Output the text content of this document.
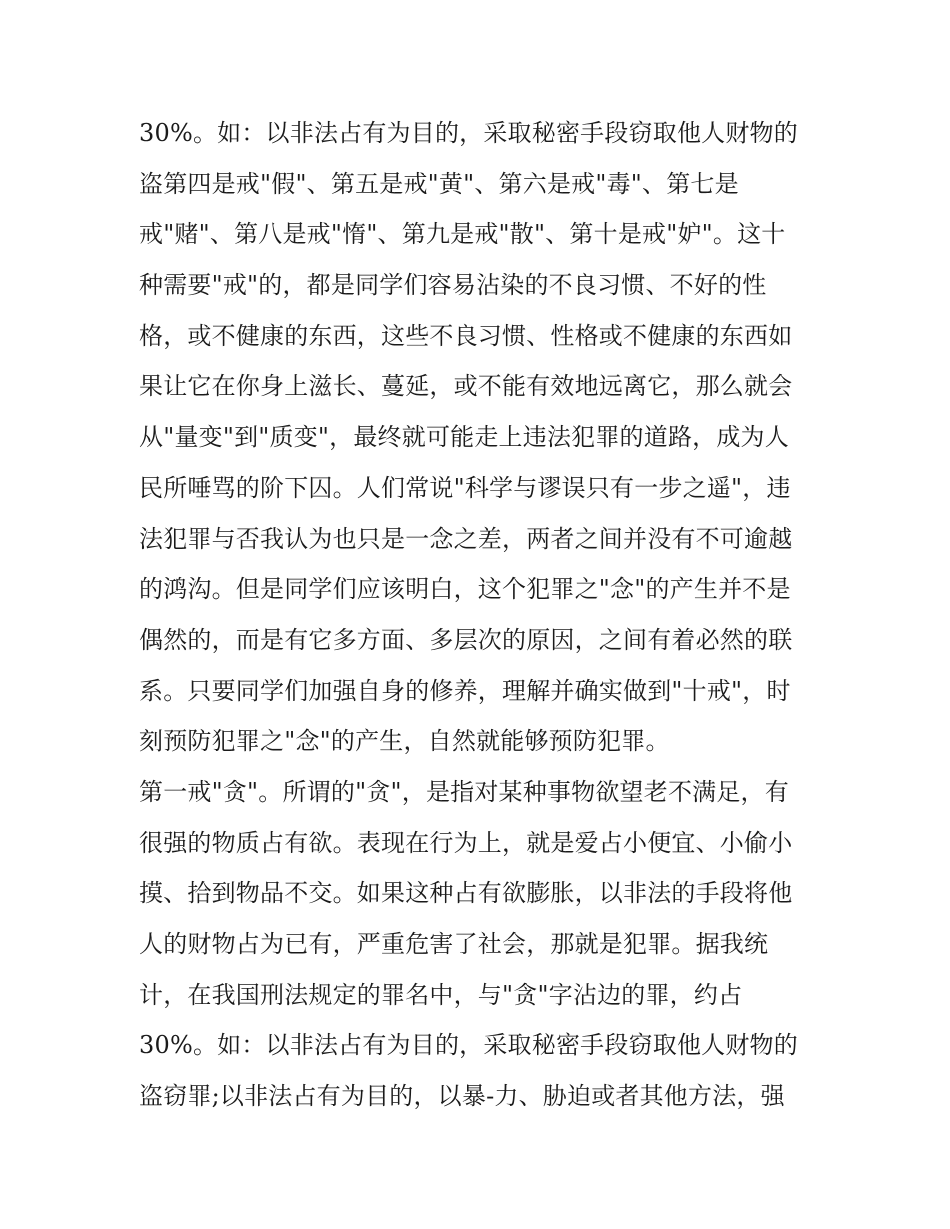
30%。如：以非法占有为目的，采取秘密手段窃取他人财物的
盗第四是戒"假"、第五是戒"黄"、第六是戒"毒"、第七是
戒"赌"、第八是戒"惰"、第九是戒"散"、第十是戒"妒"。这十
种需要"戒"的，都是同学们容易沾染的不良习惯、不好的性
格，或不健康的东西，这些不良习惯、性格或不健康的东西如
果让它在你身上滋长、蔓延，或不能有效地远离它，那么就会
从"量变"到"质变"，最终就可能走上违法犯罪的道路，成为人
民所唾骂的阶下囚。人们常说"科学与谬误只有一步之遥"，违
法犯罪与否我认为也只是一念之差，两者之间并没有不可逾越
的鸿沟。但是同学们应该明白，这个犯罪之"念"的产生并不是
偶然的，而是有它多方面、多层次的原因，之间有着必然的联
系。只要同学们加强自身的修养，理解并确实做到"十戒"，时
刻预防犯罪之"念"的产生，自然就能够预防犯罪。
第一戒"贪"。所谓的"贪"，是指对某种事物欲望老不满足，有
很强的物质占有欲。表现在行为上，就是爱占小便宜、小偷小
摸、拾到物品不交。如果这种占有欲膨胀，以非法的手段将他
人的财物占为已有，严重危害了社会，那就是犯罪。据我统
计，在我国刑法规定的罪名中，与"贪"字沾边的罪，约占
30%。如：以非法占有为目的，采取秘密手段窃取他人财物的
盗窃罪;以非法占有为目的，以暴-力、胁迫或者其他方法，强
